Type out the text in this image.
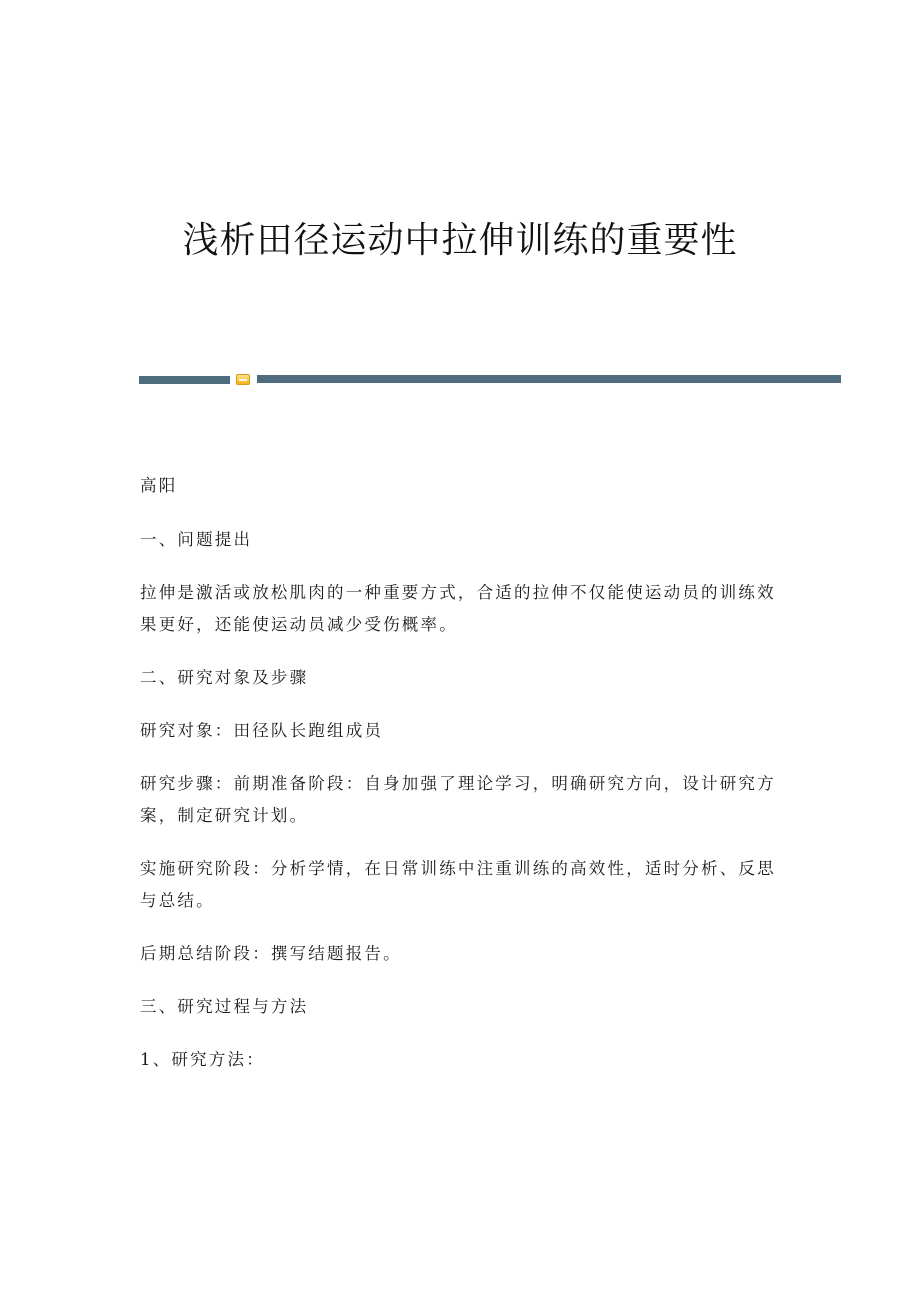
浅析田径运动中拉伸训练的重要性

高阳

一、问题提出

拉伸是激活或放松肌肉的一种重要方式，合适的拉伸不仅能使运动员的训练效果更好，还能使运动员减少受伤概率。

二、研究对象及步骤

研究对象：田径队长跑组成员

研究步骤：前期准备阶段：自身加强了理论学习，明确研究方向，设计研究方案，制定研究计划。

实施研究阶段：分析学情，在日常训练中注重训练的高效性，适时分析、反思与总结。

后期总结阶段：撰写结题报告。

三、研究过程与方法

1、研究方法：
